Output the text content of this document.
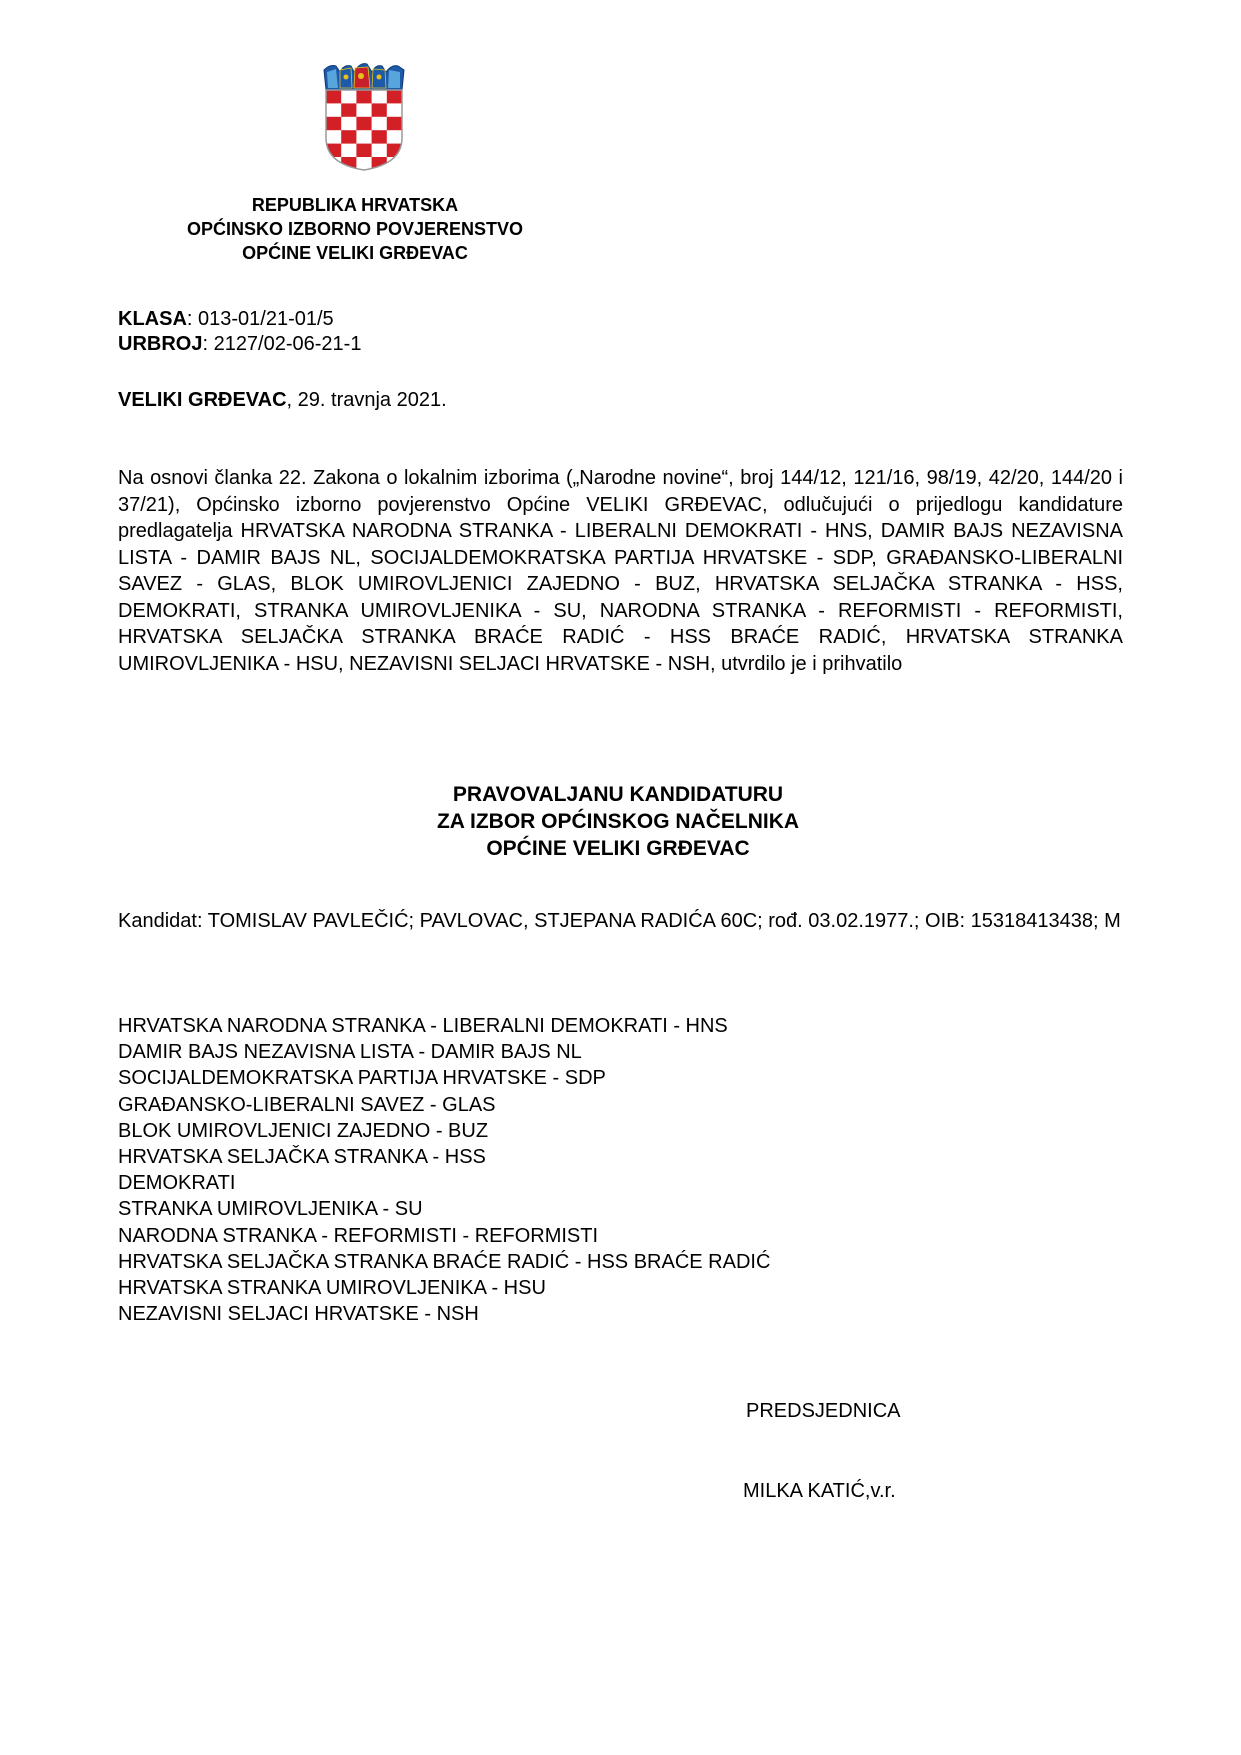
REPUBLIKA HRVATSKA
OPĆINSKO IZBORNO POVJERENSTVO
OPĆINE VELIKI GRĐEVAC
KLASA: 013-01/21-01/5
URBROJ: 2127/02-06-21-1
VELIKI GRĐEVAC, 29. travnja 2021.

Na osnovi članka 22. Zakona o lokalnim izborima („Narodne novine“, broj 144/12, 121/16, 98/19, 42/20, 144/20 i 37/21), Općinsko izborno povjerenstvo Općine VELIKI GRĐEVAC, odlučujući o prijedlogu kandidature predlagatelja HRVATSKA NARODNA STRANKA - LIBERALNI DEMOKRATI - HNS, DAMIR BAJS NEZAVISNA LISTA - DAMIR BAJS NL, SOCIJALDEMOKRATSKA PARTIJA HRVATSKE - SDP, GRAĐANSKO-LIBERALNI SAVEZ - GLAS, BLOK UMIROVLJENICI ZAJEDNO - BUZ, HRVATSKA SELJAČKA STRANKA - HSS, DEMOKRATI, STRANKA UMIROVLJENIKA - SU, NARODNA STRANKA - REFORMISTI - REFORMISTI, HRVATSKA SELJAČKA STRANKA BRAĆE RADIĆ - HSS BRAĆE RADIĆ, HRVATSKA STRANKA UMIROVLJENIKA - HSU, NEZAVISNI SELJACI HRVATSKE - NSH, utvrdilo je i prihvatilo

PRAVOVALJANU KANDIDATURU
ZA IZBOR OPĆINSKOG NAČELNIKA
OPĆINE VELIKI GRĐEVAC

Kandidat: TOMISLAV PAVLEČIĆ; PAVLOVAC, STJEPANA RADIĆA 60C; rođ. 03.02.1977.; OIB: 15318413438; M

HRVATSKA NARODNA STRANKA - LIBERALNI DEMOKRATI - HNS
DAMIR BAJS NEZAVISNA LISTA - DAMIR BAJS NL
SOCIJALDEMOKRATSKA PARTIJA HRVATSKE - SDP
GRAĐANSKO-LIBERALNI SAVEZ - GLAS
BLOK UMIROVLJENICI ZAJEDNO - BUZ
HRVATSKA SELJAČKA STRANKA - HSS
DEMOKRATI
STRANKA UMIROVLJENIKA - SU
NARODNA STRANKA - REFORMISTI - REFORMISTI
HRVATSKA SELJAČKA STRANKA BRAĆE RADIĆ - HSS BRAĆE RADIĆ
HRVATSKA STRANKA UMIROVLJENIKA - HSU
NEZAVISNI SELJACI HRVATSKE - NSH
PREDSJEDNICA
MILKA KATIĆ,v.r.
